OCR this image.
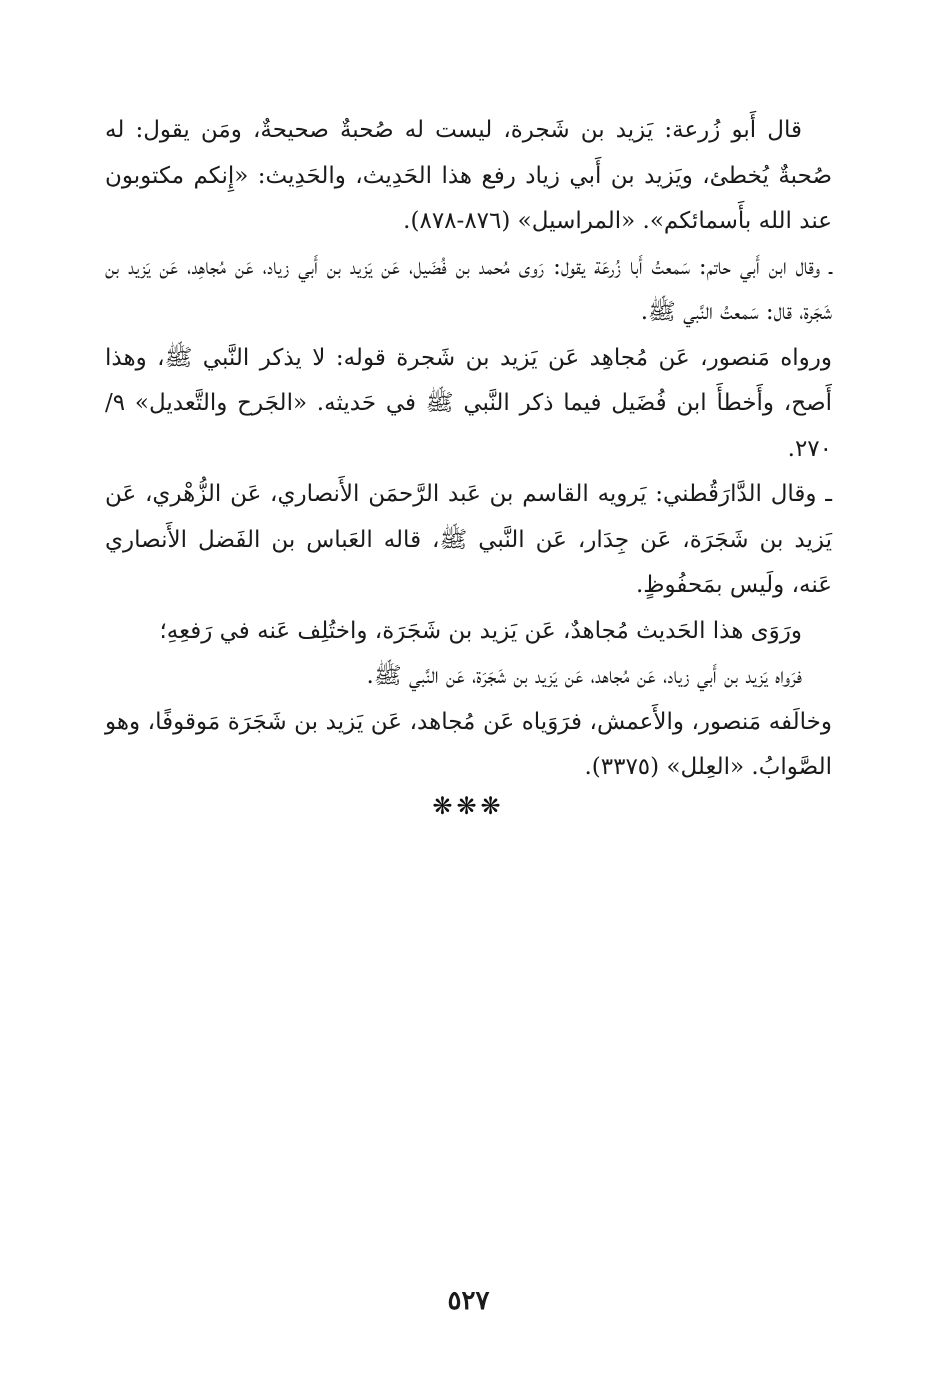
قال أَبو زُرعة: يَزيد بن شَجرة، ليست له صُحبةٌ صحيحةٌ، ومَن يقول: له صُحبةٌ يُخطئ، ويَزيد بن أَبي زياد رفع هذا الحَدِيث، والحَدِيث: «إِنكم مكتوبون عند الله بأَسمائكم». «المراسيل» (٨٧٦-٨٧٨).

ـ وقال ابن أَبي حاتم: سَمعتُ أَبا زُرعَة يقول: رَوى مُحمد بن فُضَيل، عَن يَزيد بن أَبي زياد، عَن مُجاهِد، عَن يَزيد بن شَجَرة، قال: سَمعتُ النَّبي ﷺ.

ورواه مَنصور، عَن مُجاهِد عَن يَزيد بن شَجرة قوله: لا يذكر النَّبي ﷺ، وهذا أَصح، وأَخطأَ ابن فُضَيل فيما ذكر النَّبي ﷺ في حَديثه. «الجَرح والتَّعديل» ٩/ ٢٧٠.

ـ وقال الدَّارَقُطني: يَرويه القاسم بن عَبد الرَّحمَن الأَنصاري، عَن الزُّهْري، عَن يَزيد بن شَجَرَة، عَن جِدَار، عَن النَّبي ﷺ، قاله العَباس بن الفَضل الأَنصاري عَنه، ولَيس بمَحفُوظٍ.

ورَوَى هذا الحَديث مُجاهدٌ، عَن يَزيد بن شَجَرَة، واختُلِف عَنه في رَفعِهِ؛

فرَواه يَزيد بن أَبي زياد، عَن مُجاهد، عَن يَزيد بن شَجَرَة، عَن النَّبي ﷺ.

وخالَفه مَنصور، والأَعمش، فرَوَياه عَن مُجاهد، عَن يَزيد بن شَجَرَة مَوقوفًا، وهو الصَّوابُ. «العِلل» (٣٣٧٥).

❋❋❋
٥٢٧
